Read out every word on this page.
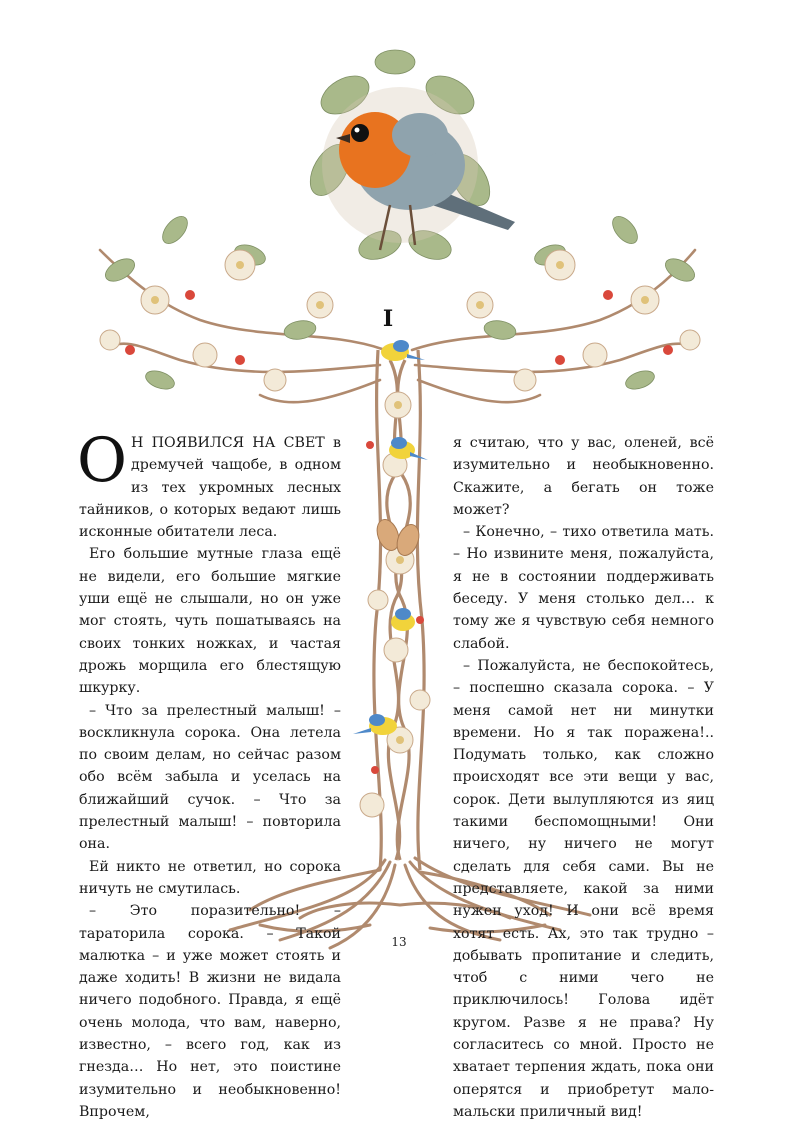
I

О Н ПОЯВИЛСЯ НА СВЕТ в дремучей чащобе, в одном из тех укромных лесных тайников, о которых ведают лишь исконные обитатели леса.

Его большие мутные глаза ещё не видели, его большие мягкие уши ещё не слышали, но он уже мог стоять, чуть пошатываясь на своих тонких ножках, и частая дрожь морщила его блестящую шкурку.

– Что за прелестный малыш! – воскликнула сорока. Она летела по своим делам, но сейчас разом обо всём забыла и уселась на ближайший сучок. – Что за прелестный малыш! – повторила она.

Ей никто не ответил, но сорока ничуть не смутилась.

– Это поразительно! – тараторила сорока. – Такой малютка – и уже может стоять и даже ходить! В жизни не видала ничего подобного. Правда, я ещё очень молода, что вам, наверно, известно, – всего год, как из гнезда… Но нет, это поистине изумительно и необыкновенно! Впрочем,

я считаю, что у вас, оленей, всё изумительно и необыкновенно. Скажите, а бегать он тоже может?

– Конечно, – тихо ответила мать. – Но извините меня, пожалуйста, я не в состоянии поддерживать беседу. У меня столько дел… к тому же я чувствую себя немного слабой.

– Пожалуйста, не беспокойтесь, – поспешно сказала сорока. – У меня самой нет ни минутки времени. Но я так поражена!.. Подумать только, как сложно происходят все эти вещи у вас, сорок. Дети вылупляются из яиц такими беспомощными! Они ничего, ну ничего не могут сделать для себя сами. Вы не представляете, какой за ними нужен уход! И они всё время хотят есть. Ах, это так трудно – добывать пропитание и следить, чтоб с ними чего не приключилось! Голова идёт кругом. Разве я не права? Ну согласитесь со мной. Просто не хватает терпения ждать, пока они оперятся и приобретут мало-мальски приличный вид!

13
